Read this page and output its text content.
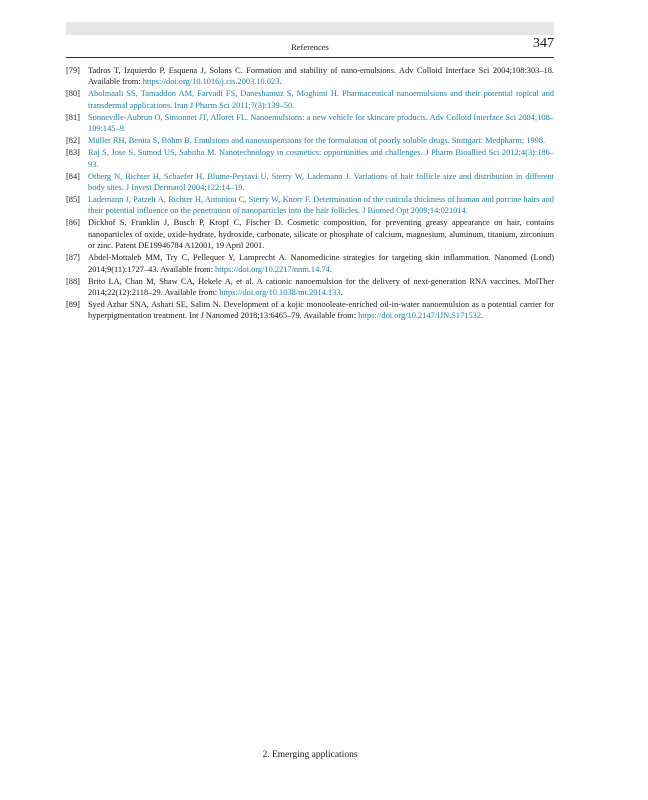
References	347
[79] Tadros T, Izquierdo P, Esquena J, Solans C. Formation and stability of nano-emulsions. Adv Colloid Interface Sci 2004;108:303–18. Available from: https://doi.org/10.1016/j.cis.2003.10.023.
[80] Abolmaali SS, Tamaddon AM, Farvadi FS, Daneshamuz S, Moghimi H. Pharmaceutical nanoemulsions and their potential topical and transdermal applications. Iran J Pharm Sci 2011;7(3):139–50.
[81] Sonneville-Aubrun O, Simonnet JT, Alloret FL. Nanoemulsions: a new vehicle for skincare products. Adv Colloid Interface Sci 2004;108–109:145–9.
[82] Müller RH, Benita S, Böhm B. Emulsions and nanosuspensions for the formulation of poorly soluble drugs. Stuttgart: Medpharm; 1998.
[83] Raj S, Jose S, Sumod US, Sabitha M. Nanotechnology in cosmetics: opportunities and challenges. J Pharm Bioallied Sci 2012;4(3):186–93.
[84] Otberg N, Richter H, Schaefer H, Blume-Peytavi U, Sterry W, Lademann J. Variations of hair follicle size and distribution in different body sites. J Invest Dermatol 2004;122:14–19.
[85] Lademann J, Patzelt A, Richter H, Antoniou C, Sterry W, Knorr F. Determination of the cuticula thickness of human and porcine hairs and their potential influence on the penetration of nanoparticles into the hair follicles. J Biomed Opt 2009;14:021014.
[86] Dickhof S, Franklin J, Busch P, Kropf C, Fischer D. Cosmetic composition, for preventing greasy appearance on hair, contains nanoparticles of oxide, oxide-hydrate, hydroxide, carbonate, silicate or phosphate of calcium, magnesium, aluminum, titanium, zirconium or zinc. Patent DE19946784 A12001, 19 April 2001.
[87] Abdel-Mottaleb MM, Try C, Pellequer Y, Lamprecht A. Nanomedicine strategies for targeting skin inflammation. Nanomed (Lond) 2014;9(11):1727–43. Available from: https://doi.org/10.2217/nnm.14.74.
[88] Brito LA, Chan M, Shaw CA, Hekele A, et al. A cationic nanoemulsion for the delivery of next-generation RNA vaccines. MolTher 2014;22(12):2118–29. Available from: https://doi.org/10.1038/mt.2014.133.
[89] Syed Azhar SNA, Ashari SE, Salim N. Development of a kojic monooleate-enriched oil-in-water nanoemulsion as a potential carrier for hyperpigmentation treatment. Int J Nanomed 2018;13:6465–79. Available from: https://doi.org/10.2147/IJN.S171532.
2. Emerging applications
